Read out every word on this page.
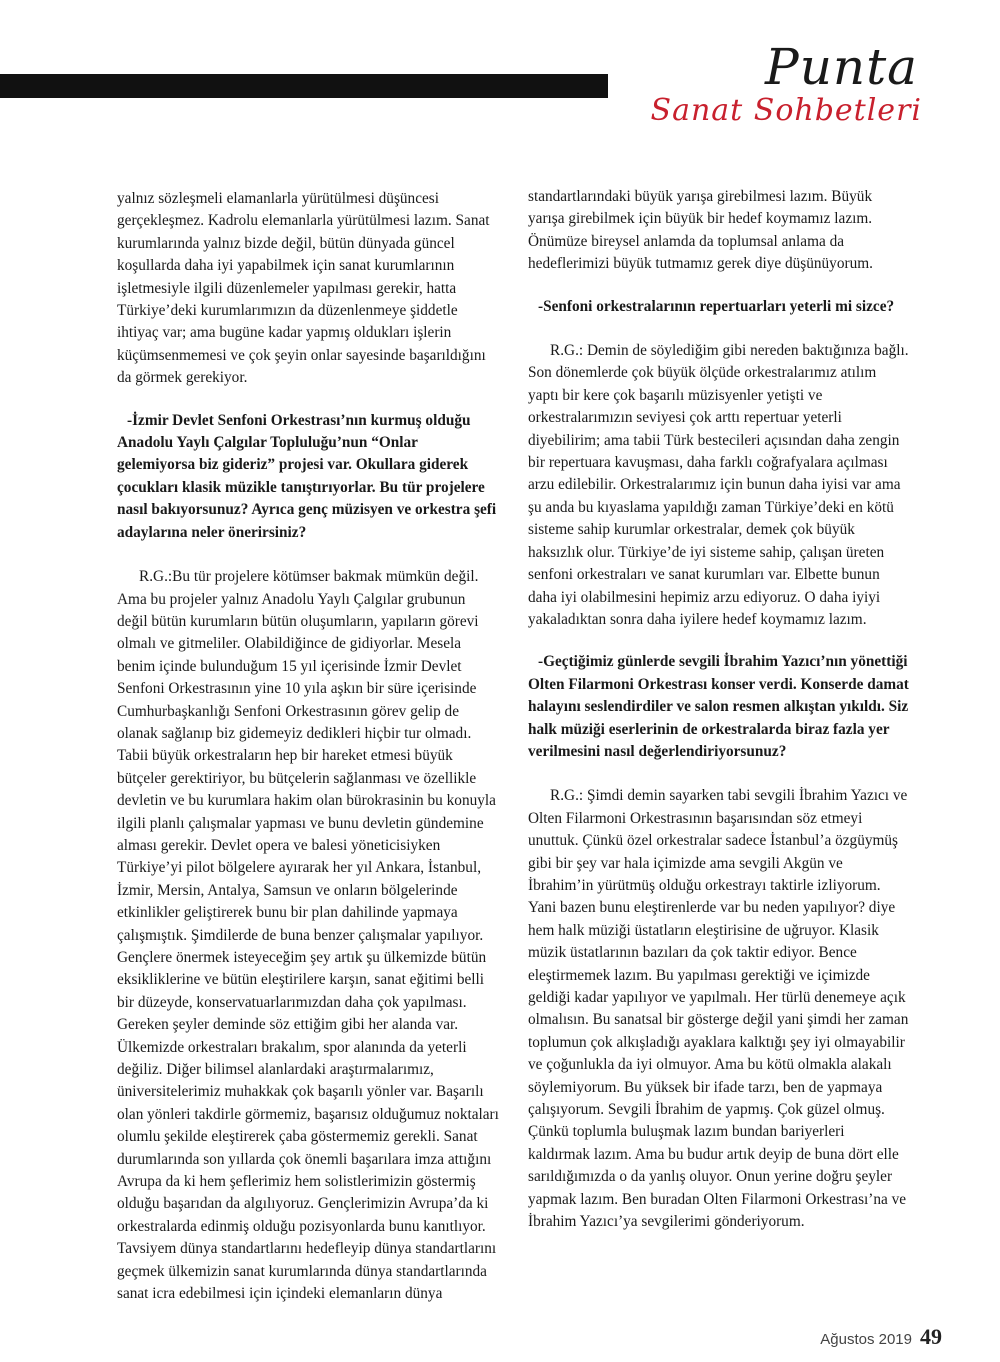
Punta
Sanat Sohbetleri

yalnız sözleşmeli elamanlarla yürütülmesi düşüncesi gerçekleşmez. Kadrolu elemanlarla yürütülmesi lazım. Sanat kurumlarında yalnız bizde değil, bütün dünyada güncel koşullarda daha iyi yapabilmek için sanat kurumlarının işletmesiyle ilgili düzenlemeler yapılması gerekir, hatta Türkiye’deki kurumlarımızın da düzenlenmeye şiddetle ihtiyaç var; ama bugüne kadar yapmış oldukları işlerin küçümsenmemesi ve çok şeyin onlar sayesinde başarıldığını da görmek gerekiyor.

-İzmir Devlet Senfoni Orkestrası’nın kurmuş olduğu Anadolu Yaylı Çalgılar Topluluğu’nun “Onlar gelemiyorsa biz gideriz” projesi var. Okullara giderek çocukları klasik müzikle tanıştırıyorlar. Bu tür projelere nasıl bakıyorsunuz? Ayrıca genç müzisyen ve orkestra şefi adaylarına neler önerirsiniz?

R.G.:Bu tür projelere kötümser bakmak mümkün değil. Ama bu projeler yalnız Anadolu Yaylı Çalgılar grubunun değil bütün kurumların bütün oluşumların, yapıların görevi olmalı ve gitmeliler. Olabildiğince de gidiyorlar. Mesela benim içinde bulunduğum 15 yıl içerisinde İzmir Devlet Senfoni Orkestrasının yine 10 yıla aşkın bir süre içerisinde Cumhurbaşkanlığı Senfoni Orkestrasının görev gelip de olanak sağlanıp biz gidemeyiz dedikleri hiçbir tur olmadı. Tabii büyük orkestraların hep bir hareket etmesi büyük bütçeler gerektiriyor, bu bütçelerin sağlanması ve özellikle devletin ve bu kurumlara hakim olan bürokrasinin bu konuyla ilgili planlı çalışmalar yapması ve bunu devletin gündemine alması gerekir. Devlet opera ve balesi yöneticisiyken Türkiye’yi pilot bölgelere ayırarak her yıl Ankara, İstanbul, İzmir, Mersin, Antalya, Samsun ve onların bölgelerinde etkinlikler geliştirerek bunu bir plan dahilinde yapmaya çalışmıştık. Şimdilerde de buna benzer çalışmalar yapılıyor. Gençlere önermek isteyeceğim şey artık şu ülkemizde bütün eksikliklerine ve bütün eleştirilere karşın, sanat eğitimi belli bir düzeyde, konservatuarlarımızdan daha çok yapılması. Gereken şeyler deminde söz ettiğim gibi her alanda var. Ülkemizde orkestraları brakalım, spor alanında da yeterli değiliz. Diğer bilimsel alanlardaki araştırmalarımız, üniversitelerimiz muhakkak çok başarılı yönler var. Başarılı olan yönleri takdirle görmemiz, başarısız olduğumuz noktaları olumlu şekilde eleştirerek çaba göstermemiz gerekli. Sanat durumlarında son yıllarda çok önemli başarılara imza attığını Avrupa da ki hem şeflerimiz hem solistlerimizin göstermiş olduğu başarıdan da algılıyoruz. Gençlerimizin Avrupa’da ki orkestralarda edinmiş olduğu pozisyonlarda bunu kanıtlıyor. Tavsiyem dünya standartlarını hedefleyip dünya standartlarını geçmek ülkemizin sanat kurumlarında dünya standartlarında sanat icra edebilmesi için içindeki elemanların dünya

standartlarındaki büyük yarışa girebilmesi lazım. Büyük yarışa girebilmek için büyük bir hedef koymamız lazım. Önümüze bireysel anlamda da toplumsal anlama da hedeflerimizi büyük tutmamız gerek diye düşünüyorum.

-Senfoni orkestralarının repertuarları yeterli mi sizce?

R.G.: Demin de söylediğim gibi nereden baktığınıza bağlı. Son dönemlerde çok büyük ölçüde orkestralarımız atılım yaptı bir kere çok başarılı müzisyenler yetişti ve orkestralarımızın seviyesi çok arttı repertuar yeterli diyebilirim; ama tabii Türk bestecileri açısından daha zengin bir repertuara kavuşması, daha farklı coğrafyalara açılması arzu edilebilir. Orkestralarımız için bunun daha iyisi var ama şu anda bu kıyaslama yapıldığı zaman Türkiye’deki en kötü sisteme sahip kurumlar orkestralar, demek çok büyük haksızlık olur. Türkiye’de iyi sisteme sahip, çalışan üreten senfoni orkestraları ve sanat kurumları var. Elbette bunun daha iyi olabilmesini hepimiz arzu ediyoruz. O daha iyiyi yakaladıktan sonra daha iyilere hedef koymamız lazım.

-Geçtiğimiz günlerde sevgili İbrahim Yazıcı’nın yönettiği Olten Filarmoni Orkestrası konser verdi. Konserde damat halayını seslendirdiler ve salon resmen alkıştan yıkıldı. Siz halk müziği eserlerinin de orkestralarda biraz fazla yer verilmesini nasıl değerlendiriyorsunuz?

R.G.: Şimdi demin sayarken tabi sevgili İbrahim Yazıcı ve Olten Filarmoni Orkestrasının başarısından söz etmeyi unuttuk. Çünkü özel orkestralar sadece İstanbul’a özgüymüş gibi bir şey var hala içimizde ama sevgili Akgün ve İbrahim’in yürütmüş olduğu orkestrayı taktirle izliyorum. Yani bazen bunu eleştirenlerde var bu neden yapılıyor? diye hem halk müziği üstatların eleştirisine de uğruyor. Klasik müzik üstatlarının bazıları da çok taktir ediyor. Bence eleştirmemek lazım. Bu yapılması gerektiği ve içimizde geldiği kadar yapılıyor ve yapılmalı. Her türlü denemeye açık olmalısın. Bu sanatsal bir gösterge değil yani şimdi her zaman toplumun çok alkışladığı ayaklara kalktığı şey iyi olmayabilir ve çoğunlukla da iyi olmuyor. Ama bu kötü olmakla alakalı söylemiyorum. Bu yüksek bir ifade tarzı, ben de yapmaya çalışıyorum. Sevgili İbrahim de yapmış. Çok güzel olmuş. Çünkü toplumla buluşmak lazım bundan bariyerleri kaldırmak lazım. Ama bu budur artık deyip de buna dört elle sarıldığımızda o da yanlış oluyor. Onun yerine doğru şeyler yapmak lazım. Ben buradan Olten Filarmoni Orkestrası’na ve İbrahim Yazıcı’ya sevgilerimi gönderiyorum.

Ağustos 2019 49
